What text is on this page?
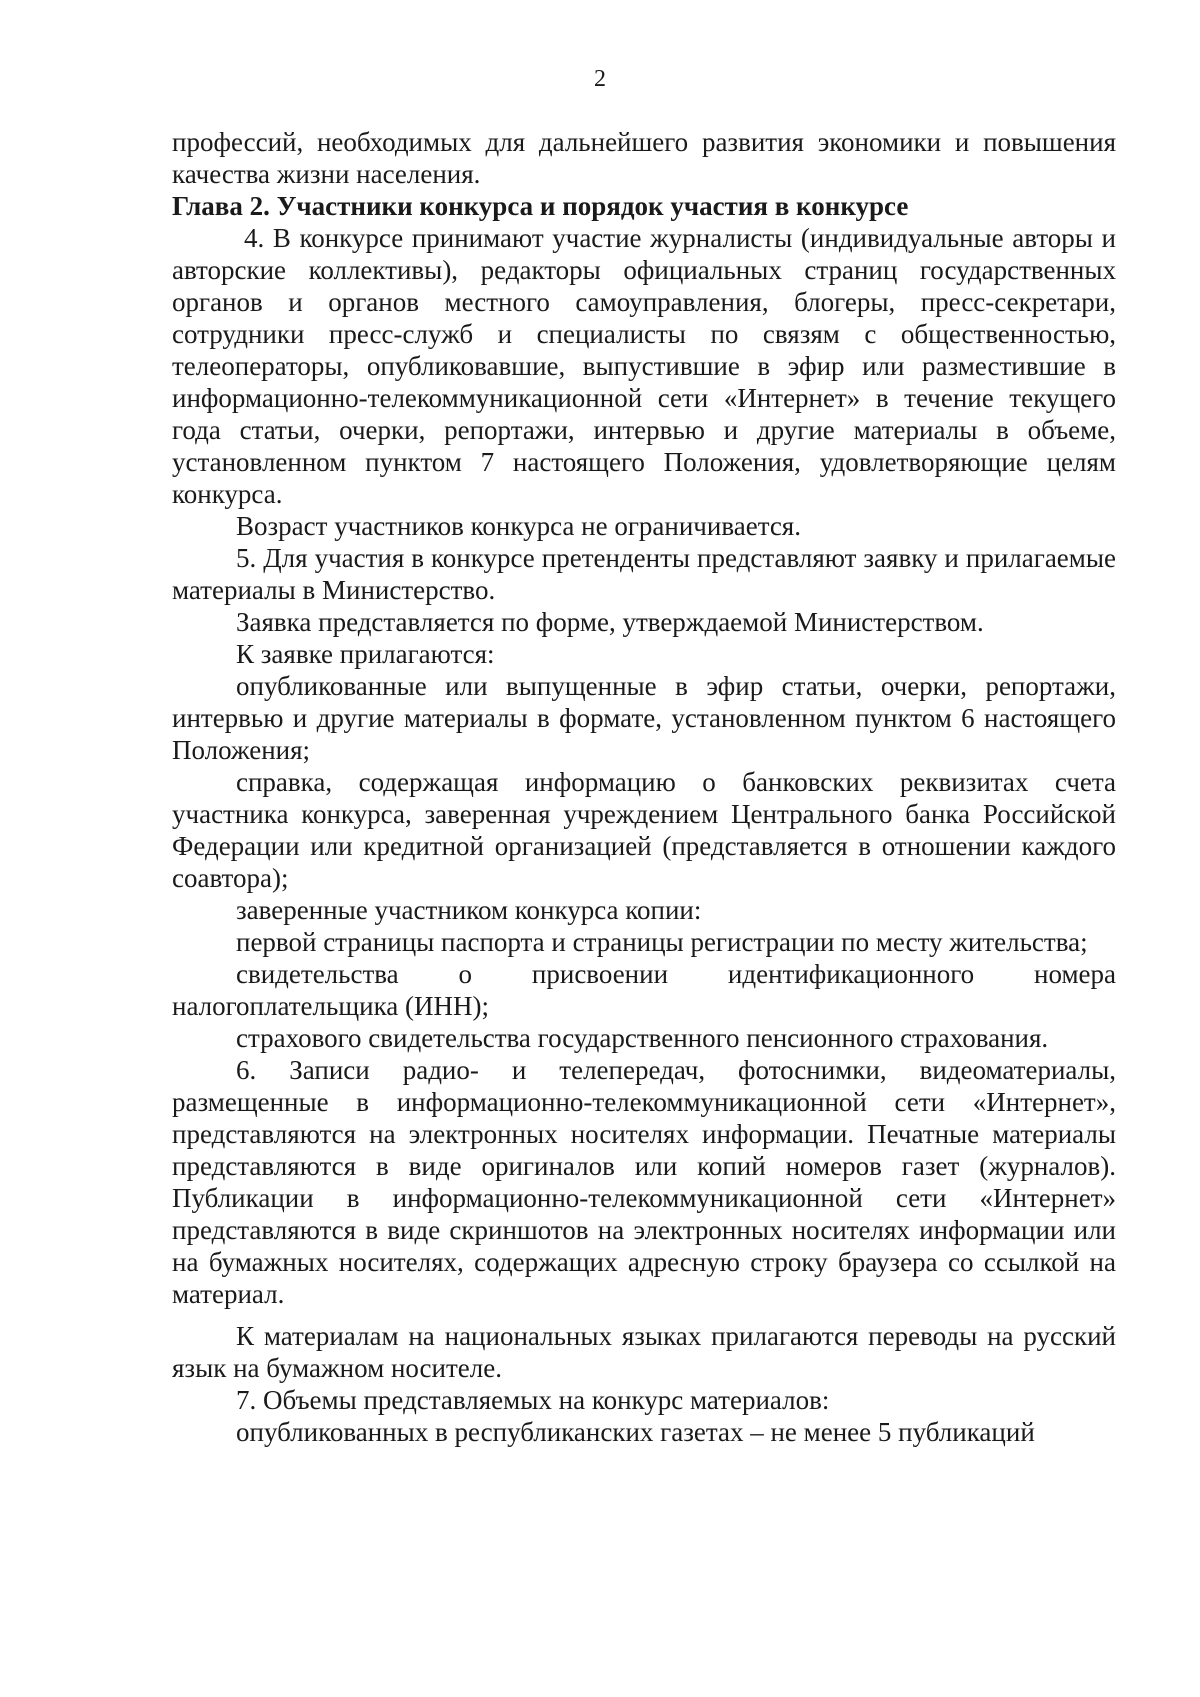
2

профессий, необходимых для дальнейшего развития экономики и повышения качества жизни населения.

Глава 2. Участники конкурса и порядок участия в конкурсе

4. В конкурсе принимают участие журналисты (индивидуальные авторы и авторские коллективы), редакторы официальных страниц государственных органов и органов местного самоуправления, блогеры, пресс-секретари, сотрудники пресс-служб и специалисты по связям с общественностью, телеоператоры, опубликовавшие, выпустившие в эфир или разместившие в информационно-телекоммуникационной сети «Интернет» в течение текущего года статьи, очерки, репортажи, интервью и другие материалы в объеме, установленном пунктом 7 настоящего Положения, удовлетворяющие целям конкурса.

Возраст участников конкурса не ограничивается.

5. Для участия в конкурсе претенденты представляют заявку и прилагаемые материалы в Министерство.

Заявка представляется по форме, утверждаемой Министерством.

К заявке прилагаются:

опубликованные или выпущенные в эфир статьи, очерки, репортажи, интервью и другие материалы в формате, установленном пунктом 6 настоящего Положения;

справка, содержащая информацию о банковских реквизитах счета участника конкурса, заверенная учреждением Центрального банка Российской Федерации или кредитной организацией (представляется в отношении каждого соавтора);

заверенные участником конкурса копии:

первой страницы паспорта и страницы регистрации по месту жительства;

свидетельства о присвоении идентификационного номера налогоплательщика (ИНН);

страхового свидетельства государственного пенсионного страхования.

6. Записи радио- и телепередач, фотоснимки, видеоматериалы, размещенные в информационно-телекоммуникационной сети «Интернет», представляются на электронных носителях информации. Печатные материалы представляются в виде оригиналов или копий номеров газет (журналов). Публикации в информационно-телекоммуникационной сети «Интернет» представляются в виде скриншотов на электронных носителях информации или на бумажных носителях, содержащих адресную строку браузера со ссылкой на материал.

К материалам на национальных языках прилагаются переводы на русский язык на бумажном носителе.

7. Объемы представляемых на конкурс материалов:

опубликованных в республиканских газетах – не менее 5 публикаций
